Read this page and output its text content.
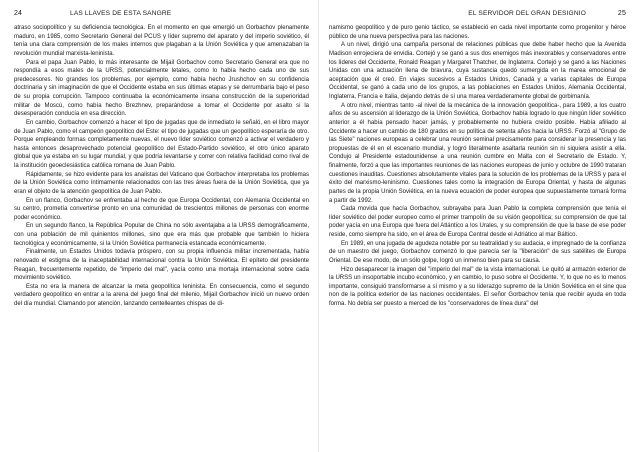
24	LAS LLAVES DE ESTA SANGRE

atraso sociopolítico y su deficiencia tecnológica. En el momento en que emergió un Gorbachov plenamente maduro, en 1985, como Secretario General del PCUS y líder supremo del aparato y del imperio soviético, él tenía una clara comprensión de los males internos que plagaban a la Unión Soviética y que amenazaban la revolución mundial marxista-leninista.

Para el papa Juan Pablo, lo más interesante de Mijail Gorbachov como Secretario General era que no respondía a esos males de la URSS, potencialmente letales, como lo había hecho cada uno de sus predecesores. No grandes los problemas, por ejemplo, como había hecho Jrushchov en su confidencia doctrinaria y sin imaginación de que el Occidente estaba en sus últimas etapas y se derrumbaría bajo el peso de su propia corrupción. Tampoco continuaba la económicamente insana construcción de la superioridad militar de Moscú, como había hecho Brezhnev, preparándose a tomar el Occidente por asalto si la desesperación conducía en esa dirección.

En cambio, Gorbachov comenzó a hacer el tipo de jugadas que de inmediato le señaló, en el libro mayor de Juan Pablo, como el campeón geopolítico del Este: el tipo de jugadas que un geopolítico esperaría de otro. Porque empleando formas completamente nuevas, el nuevo líder soviético comenzó a activar el verdadero y hasta entonces desaprovechado potencial geopolítico del Estado-Partido soviético, el otro único aparato global que ya estaba en su lugar mundial, y que podría levantarse y correr con relativa facilidad como rival de la institución geoeclesiástica católica romana de Juan Pablo.

Rápidamente, se hizo evidente para los analistas del Vaticano que Gorbachov interpretaba los problemas de la Unión Soviética como íntimamente relacionados con las tres áreas fuera de la Unión Soviética, que ya eran el objeto de la atención geopolítica de Juan Pablo.

En un flanco, Gorbachov se enfrentaba al hecho de que Europa Occidental, con Alemania Occidental en su centro, prometía convertirse pronto en una comunidad de trescientos millones de personas con enorme poder económico.

En un segundo flanco, la República Popular de China no sólo aventajaba a la URSS demográficamente, con una población de mil quinientos millones, sino que era más que probable que también lo hiciera tecnológica y económicamente, si la Unión Soviética permanecía estancada económicamente.

Finalmente, un Estados Unidos todavía próspero, con su propia influencia militar incrementada, había renovado el estigma de la inaceptabilidad internacional contra la Unión Soviética. El epíteto del presidente Reagan, frecuentemente repetido, de "imperio del mal", yacía como una mortaja internacional sobre cada movimiento soviético.

Esta no era la manera de alcanzar la meta geopolítica leninista. En consecuencia, como el segundo verdadero geopolítico en entrar a la arena del juego final del milenio, Mijail Gorbachov inició un nuevo orden del día mundial. Clamando por atención, lanzando centelleantes chispas de di-

EL SERVIDOR DEL GRAN DESIGNIO	25

namismo geopolítico y de puro genio táctico, se estableció en cada nivel importante como progenitor y héroe público de una nueva perspectiva para las naciones.

A un nivel, dirigió una campaña personal de relaciones públicas que debe haber hecho que la Avenida Madison enrojeciera de envidia. Cortejó y se ganó a sus dos enemigos más inexorables y conservadores entre los líderes del Occidente, Ronald Reagan y Margaret Thatcher, de Inglaterra. Cortejó y se ganó a las Naciones Unidas con una actuación llena de bravura, cuya sustancia quedó sumergida en la marea emocional de aceptación que él creó. En viajes sucesivos a Estados Unidos, Canadá y a varias capitales de Europa Occidental, se ganó a cada uno de los grupos, a las poblaciones en Estados Unidos, Alemania Occidental, Inglaterra, Francia e Italia, dejando detrás de sí una marea verdaderamente global de gorbimanía.

A otro nivel, mientras tanto -al nivel de la mecánica de la innovación geopolítica-, para 1989, a los cuatro años de su ascensión al liderazgo de la Unión Soviética, Gorbachov había logrado lo que ningún líder soviético anterior a él había pensado hacer jamás, y probablemente no hubiera creído posible. Había afiliado al Occidente a hacer un cambio de 180 grados en su política de setenta años hacia la URSS. Forzó al "Grupo de las Siete" naciones europeas a celebrar una reunión seminal precisamente para considerar la presencia y las propuestas de él en el escenario mundial, y logró literalmente asaltarla reunión sin ni siquiera asistir a ella. Condujo al Presidente estadounidense a una reunión cumbre en Malta con el Secretario de Estado. Y, finalmente, forzó a que las importantes reuniones de las naciones europeas de junio y octubre de 1990 trataran cuestiones inauditas. Cuestiones absolutamente vitales para la solución de los problemas de la URSS y para el éxito del marxismo-leninismo. Cuestiones tales como la integración de Europa Oriental, y hasta de algunas partes de la propia Unión Soviética, en la nueva ecuación de poder europea que supuestamente tomará forma a partir de 1992.

Cada movida que hacía Gorbachov, subrayaba para Juan Pablo la completa comprensión que tenía el líder soviético del poder europeo como el primer trampolín de su visión geopolítica; su comprensión de que tal poder yacía en una Europa que fuera del Atlántico a los Urales, y su comprensión de que la base de ese poder reside, como siempre ha sido, en el área de Europa Central desde el Adriático al mar Báltico.

En 1989, en una jugada de agudeza notable por su teatralidad y su audacia, e impregnado de la confianza de un maestro del juego, Gorbachov comenzó lo que parecía ser la "liberación" de sus satélites de Europa Oriental. De ese modo, de un sólo golpe, logró un inmenso bien para su causa.

Hizo desaparecer la imagen del "imperio del mal" de la vista internacional. Le quitó al armazón exterior de la URSS un insoportable incubo económico, y en cambio, lo puso sobre el Occidente. Y, lo que no es lo menos importante, consiguió transformarse a sí mismo y a su liderazgo supremo de la Unión Soviética en el sine qua non de la política exterior de las naciones occidentales. El señor Gorbachov tenía que recibir ayuda en toda forma. No debía ser puesto a merced de los "conservadores de línea dura" del
